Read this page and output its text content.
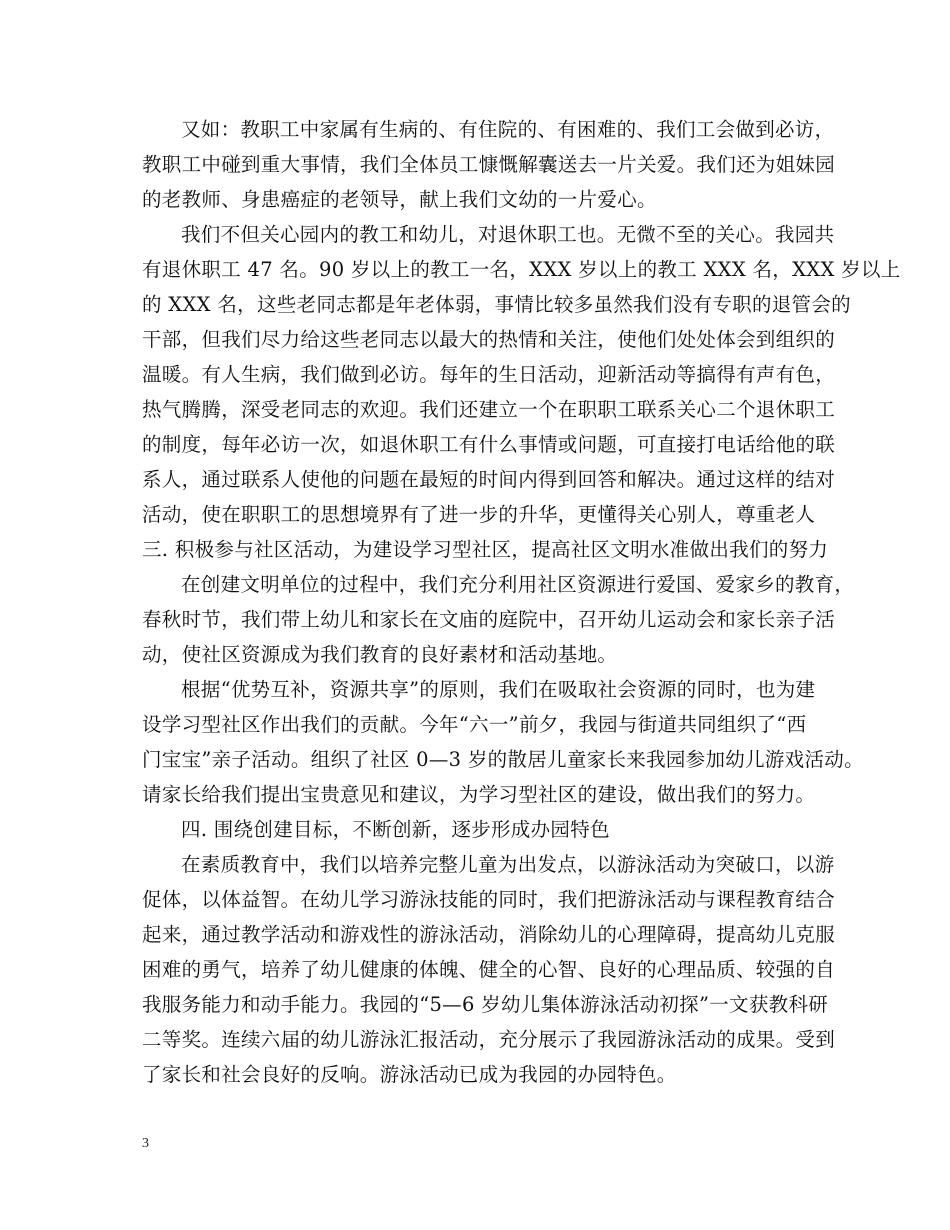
又如：教职工中家属有生病的、有住院的、有困难的、我们工会做到必访，
教职工中碰到重大事情，我们全体员工慷慨解囊送去一片关爱。我们还为姐妹园
的老教师、身患癌症的老领导，献上我们文幼的一片爱心。
我们不但关心园内的教工和幼儿，对退休职工也。无微不至的关心。我园共
有退休职工 47 名。90 岁以上的教工一名，XXX 岁以上的教工 XXX 名，XXX 岁以上
的 XXX 名，这些老同志都是年老体弱，事情比较多虽然我们没有专职的退管会的
干部，但我们尽力给这些老同志以最大的热情和关注，使他们处处体会到组织的
温暖。有人生病，我们做到必访。每年的生日活动，迎新活动等搞得有声有色，
热气腾腾，深受老同志的欢迎。我们还建立一个在职职工联系关心二个退休职工
的制度，每年必访一次，如退休职工有什么事情或问题，可直接打电话给他的联
系人，通过联系人使他的问题在最短的时间内得到回答和解决。通过这样的结对
活动，使在职职工的思想境界有了进一步的升华，更懂得关心别人，尊重老人
三. 积极参与社区活动，为建设学习型社区，提高社区文明水准做出我们的努力
在创建文明单位的过程中，我们充分利用社区资源进行爱国、爱家乡的教育，
春秋时节，我们带上幼儿和家长在文庙的庭院中，召开幼儿运动会和家长亲子活
动，使社区资源成为我们教育的良好素材和活动基地。
根据“优势互补，资源共享”的原则，我们在吸取社会资源的同时，也为建
设学习型社区作出我们的贡献。今年“六一”前夕，我园与街道共同组织了“西
门宝宝”亲子活动。组织了社区 0—3 岁的散居儿童家长来我园参加幼儿游戏活动。
请家长给我们提出宝贵意见和建议，为学习型社区的建设，做出我们的努力。
四. 围绕创建目标，不断创新，逐步形成办园特色
在素质教育中，我们以培养完整儿童为出发点，以游泳活动为突破口，以游
促体，以体益智。在幼儿学习游泳技能的同时，我们把游泳活动与课程教育结合
起来，通过教学活动和游戏性的游泳活动，消除幼儿的心理障碍，提高幼儿克服
困难的勇气，培养了幼儿健康的体魄、健全的心智、良好的心理品质、较强的自
我服务能力和动手能力。我园的“5—6 岁幼儿集体游泳活动初探”一文获教科研
二等奖。连续六届的幼儿游泳汇报活动，充分展示了我园游泳活动的成果。受到
了家长和社会良好的反响。游泳活动已成为我园的办园特色。
3
